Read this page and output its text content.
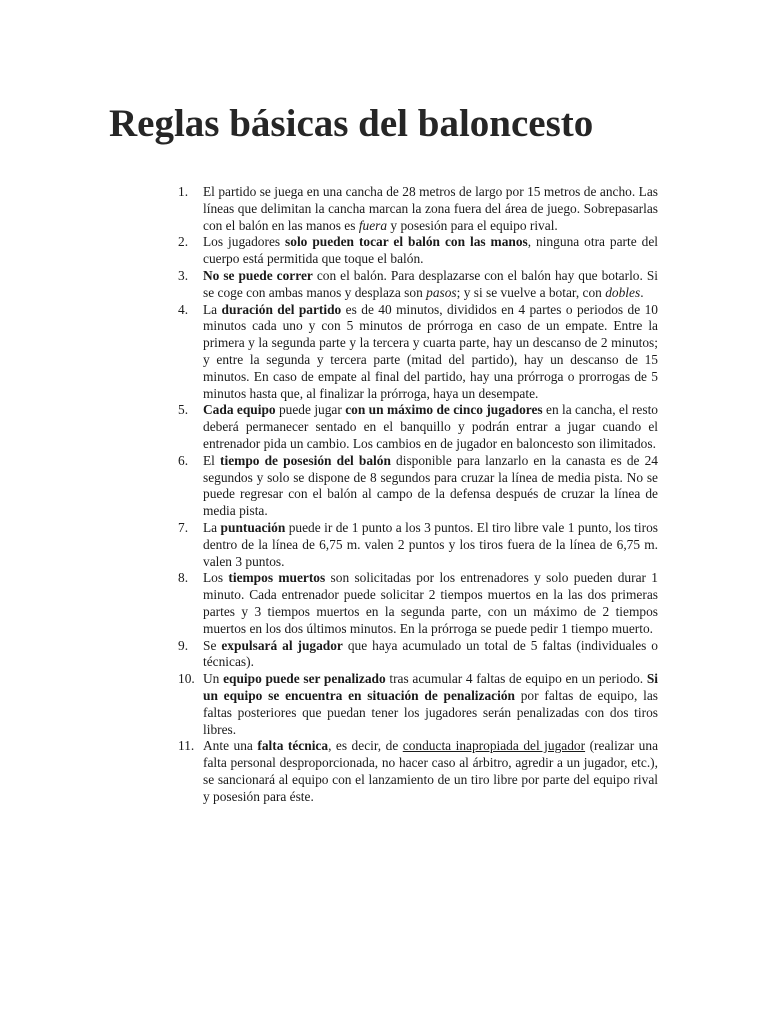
Reglas básicas del baloncesto
1.	El partido se juega en una cancha de 28 metros de largo por 15 metros de ancho. Las líneas que delimitan la cancha marcan la zona fuera del área de juego. Sobrepasarlas con el balón en las manos es fuera y posesión para el equipo rival.
2.	Los jugadores solo pueden tocar el balón con las manos, ninguna otra parte del cuerpo está permitida que toque el balón.
3.	No se puede correr con el balón. Para desplazarse con el balón hay que botarlo. Si se coge con ambas manos y desplaza son pasos; y si se vuelve a botar, con dobles.
4.	La duración del partido es de 40 minutos, divididos en 4 partes o periodos de 10 minutos cada uno y con 5 minutos de prórroga en caso de un empate. Entre la primera y la segunda parte y la tercera y cuarta parte, hay un descanso de 2 minutos; y entre la segunda y tercera parte (mitad del partido), hay un descanso de 15 minutos. En caso de empate al final del partido, hay una prórroga o prorrogas de 5 minutos hasta que, al finalizar la prórroga, haya un desempate.
5.	Cada equipo puede jugar con un máximo de cinco jugadores en la cancha, el resto deberá permanecer sentado en el banquillo y podrán entrar a jugar cuando el entrenador pida un cambio. Los cambios en de jugador en baloncesto son ilimitados.
6.	El tiempo de posesión del balón disponible para lanzarlo en la canasta es de 24 segundos y solo se dispone de 8 segundos para cruzar la línea de media pista. No se puede regresar con el balón al campo de la defensa después de cruzar la línea de media pista.
7.	La puntuación puede ir de 1 punto a los 3 puntos. El tiro libre vale 1 punto, los tiros dentro de la línea de 6,75 m. valen 2 puntos y los tiros fuera de la línea de 6,75 m. valen 3 puntos.
8.	Los tiempos muertos son solicitadas por los entrenadores y solo pueden durar 1 minuto. Cada entrenador puede solicitar 2 tiempos muertos en la las dos primeras partes y 3 tiempos muertos en la segunda parte, con un máximo de 2 tiempos muertos en los dos últimos minutos. En la prórroga se puede pedir 1 tiempo muerto.
9.	Se expulsará al jugador que haya acumulado un total de 5 faltas (individuales o técnicas).
10. Un equipo puede ser penalizado tras acumular 4 faltas de equipo en un periodo. Si un equipo se encuentra en situación de penalización por faltas de equipo, las faltas posteriores que puedan tener los jugadores serán penalizadas con dos tiros libres.
11. Ante una falta técnica, es decir, de conducta inapropiada del jugador (realizar una falta personal desproporcionada, no hacer caso al árbitro, agredir a un jugador, etc.), se sancionará al equipo con el lanzamiento de un tiro libre por parte del equipo rival y posesión para éste.
